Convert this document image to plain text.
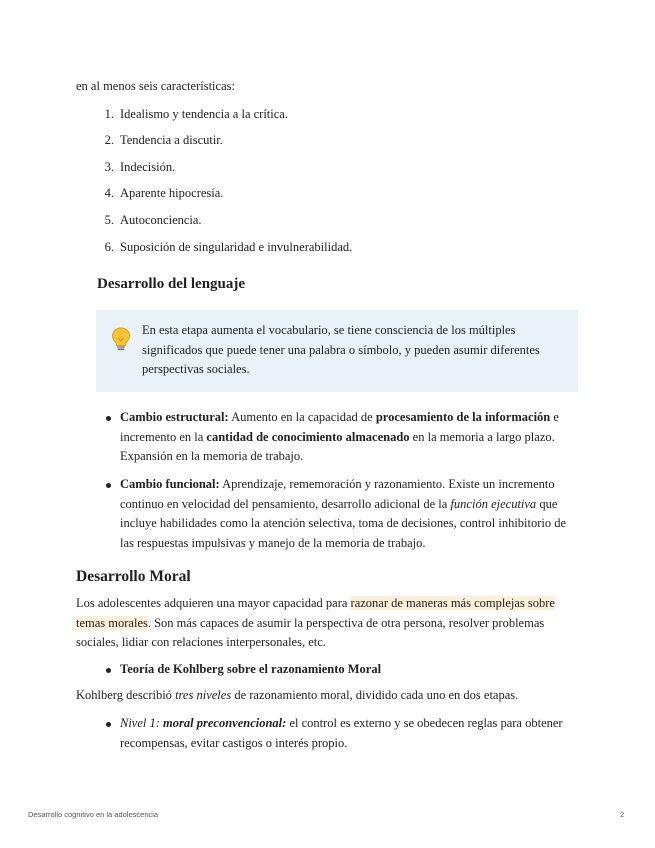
en al menos seis características:
1. Idealismo y tendencia a la crítica.
2. Tendencia a discutir.
3. Indecisión.
4. Aparente hipocresía.
5. Autoconciencia.
6. Suposición de singularidad e invulnerabilidad.
Desarrollo del lenguaje
En esta etapa aumenta el vocabulario, se tiene consciencia de los múltiples
significados que puede tener una palabra o símbolo, y pueden asumir diferentes
perspectivas sociales.
Cambio estructural: Aumento en la capacidad de procesamiento de la información e
incremento en la cantidad de conocimiento almacenado en la memoria a largo plazo.
Expansión en la memoria de trabajo.
Cambio funcional: Aprendizaje, rememoración y razonamiento. Existe un incremento
continuo en velocidad del pensamiento, desarrollo adicional de la función ejecutiva que
incluye habilidades como la atención selectiva, toma de decisiones, control inhibitorio de
las respuestas impulsivas y manejo de la memoria de trabajo.
Desarrollo Moral
Los adolescentes adquieren una mayor capacidad para razonar de maneras más complejas sobre
temas morales. Son más capaces de asumir la perspectiva de otra persona, resolver problemas
sociales, lidiar con relaciones interpersonales, etc.
Teoría de Kohlberg sobre el razonamiento Moral
Kohlberg describió tres niveles de razonamiento moral, dividido cada uno en dos etapas.
Nivel 1: moral preconvencional: el control es externo y se obedecen reglas para obtener
recompensas, evitar castigos o interés propio.
Desarrollo cognitivo en la adolescencia	2
